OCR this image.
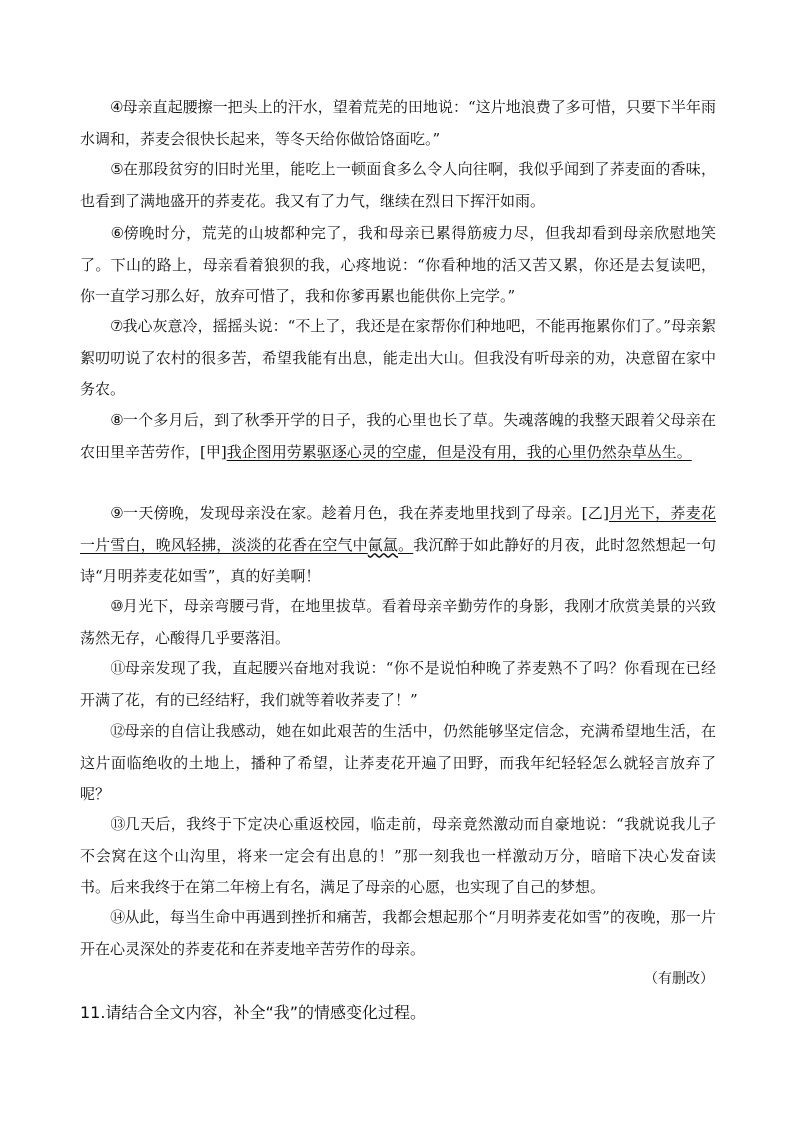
④母亲直起腰擦一把头上的汗水，望着荒芜的田地说：“这片地浪费了多可惜，只要下半年雨水调和，荞麦会很快长起来，等冬天给你做饸饹面吃。”

⑤在那段贫穷的旧时光里，能吃上一顿面食多么令人向往啊，我似乎闻到了荞麦面的香味，也看到了满地盛开的荞麦花。我又有了力气，继续在烈日下挥汗如雨。

⑥傍晚时分，荒芜的山坡都种完了，我和母亲已累得筋疲力尽，但我却看到母亲欣慰地笑了。下山的路上，母亲看着狼狈的我，心疼地说：“你看种地的活又苦又累，你还是去复读吧，你一直学习那么好，放弃可惜了，我和你爹再累也能供你上完学。”

⑦我心灰意冷，摇摇头说：“不上了，我还是在家帮你们种地吧，不能再拖累你们了。”母亲絮絮叨叨说了农村的很多苦，希望我能有出息，能走出大山。但我没有听母亲的劝，决意留在家中务农。

⑧一个多月后，到了秋季开学的日子，我的心里也长了草。失魂落魄的我整天跟着父母亲在农田里辛苦劳作，[甲]我企图用劳累驱逐心灵的空虚，但是没有用，我的心里仍然杂草丛生。

⑨一天傍晚，发现母亲没在家。趁着月色，我在荞麦地里找到了母亲。[乙]月光下，荞麦花一片雪白，晚风轻拂，淡淡的花香在空气中氤氲。我沉醉于如此静好的月夜，此时忽然想起一句诗“月明荞麦花如雪”，真的好美啊！

⑩月光下，母亲弯腰弓背，在地里拔草。看着母亲辛勤劳作的身影，我刚才欣赏美景的兴致荡然无存，心酸得几乎要落泪。

⑪母亲发现了我，直起腰兴奋地对我说：“你不是说怕种晚了荞麦熟不了吗？你看现在已经开满了花，有的已经结籽，我们就等着收荞麦了！”

⑫母亲的自信让我感动，她在如此艰苦的生活中，仍然能够坚定信念，充满希望地生活，在这片面临绝收的土地上，播种了希望，让荞麦花开遍了田野，而我年纪轻轻怎么就轻言放弃了呢？

⑬几天后，我终于下定决心重返校园，临走前，母亲竟然激动而自豪地说：“我就说我儿子不会窝在这个山沟里，将来一定会有出息的！”那一刻我也一样激动万分，暗暗下决心发奋读书。后来我终于在第二年榜上有名，满足了母亲的心愿，也实现了自己的梦想。

⑭从此，每当生命中再遇到挫折和痛苦，我都会想起那个“月明荞麦花如雪”的夜晚，那一片开在心灵深处的荞麦花和在荞麦地辛苦劳作的母亲。

（有删改）
11.请结合全文内容，补全“我”的情感变化过程。
